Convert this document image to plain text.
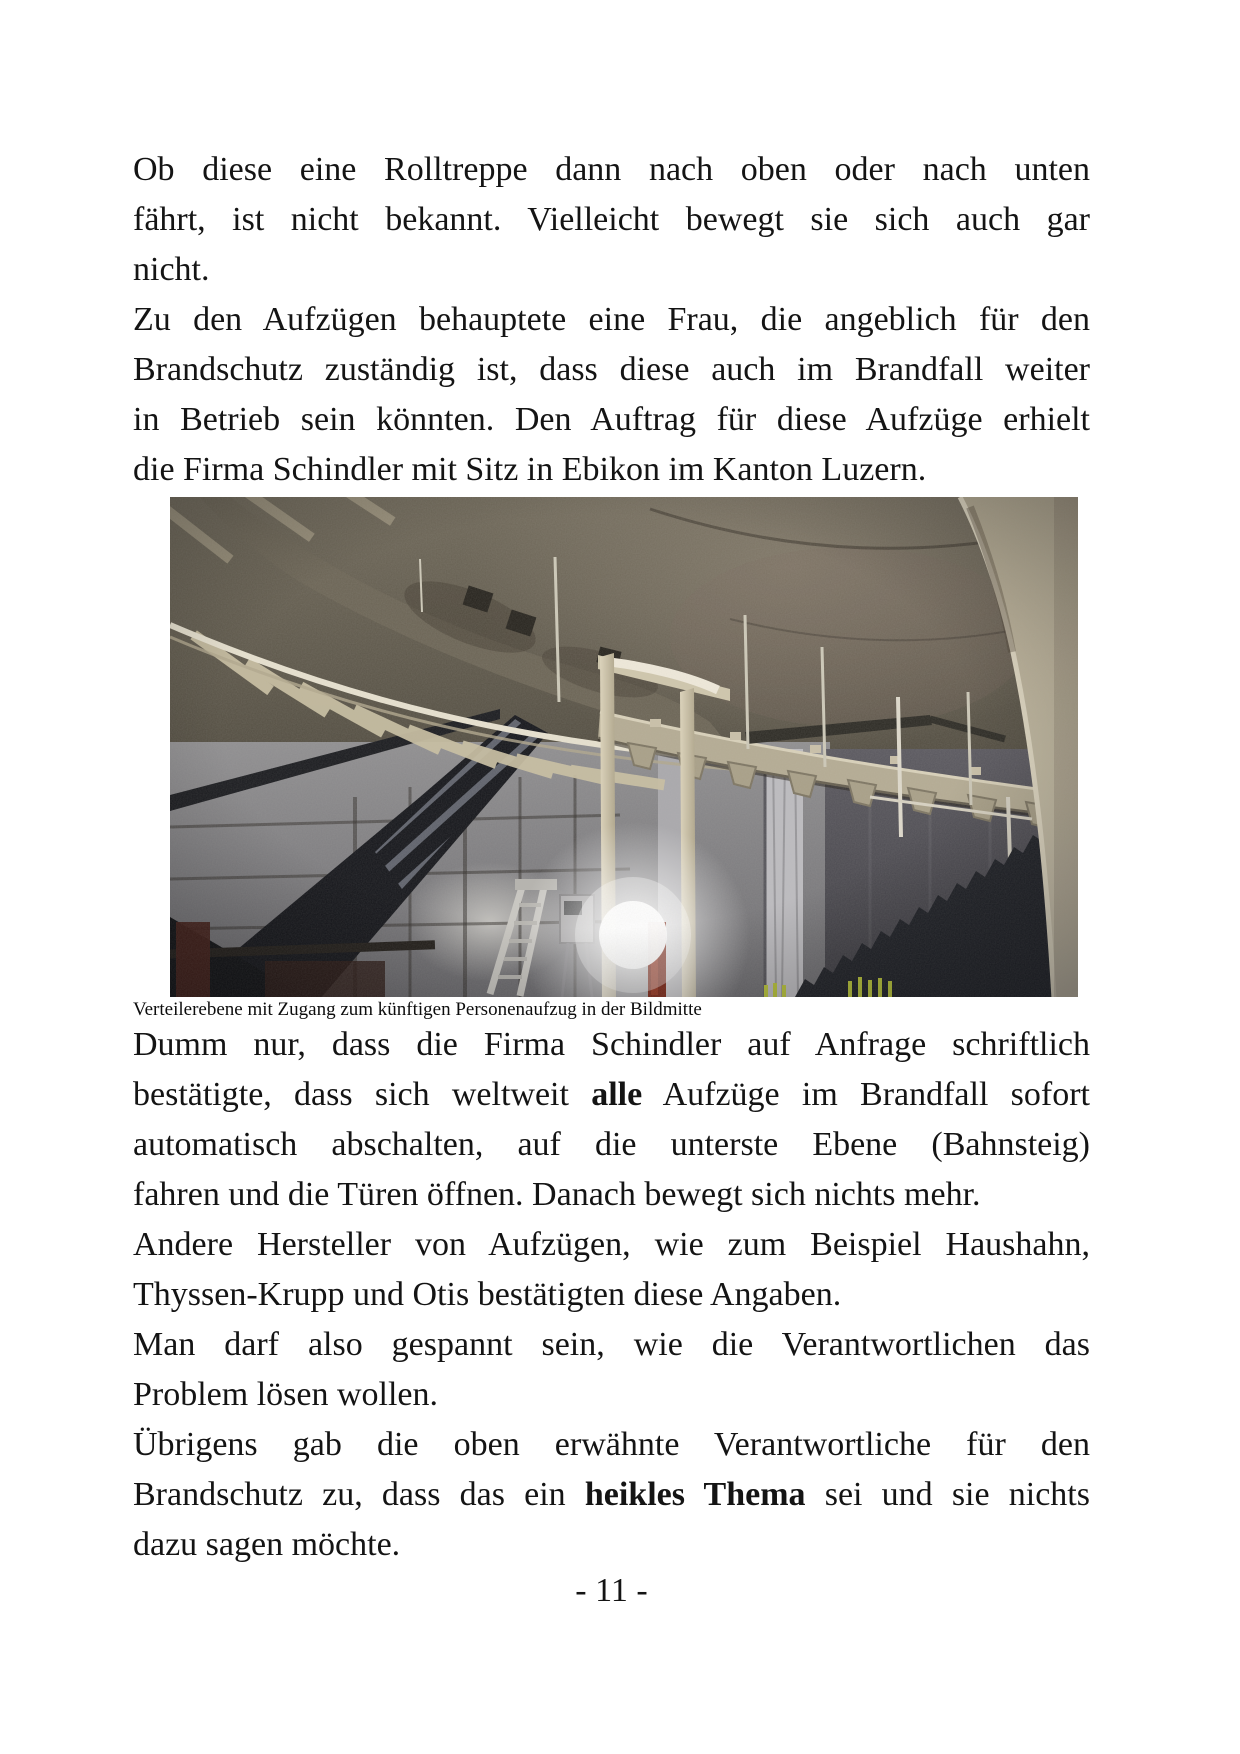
Ob diese eine Rolltreppe dann nach oben oder nach unten
fährt, ist nicht bekannt. Vielleicht bewegt sie sich auch gar
nicht.
Zu den Aufzügen behauptete eine Frau, die angeblich für den
Brandschutz zuständig ist, dass diese auch im Brandfall weiter
in Betrieb sein könnten. Den Auftrag für diese Aufzüge erhielt
die Firma Schindler mit Sitz in Ebikon im Kanton Luzern.
Verteilerebene mit Zugang zum künftigen Personenaufzug in der Bildmitte
Dumm nur, dass die Firma Schindler auf Anfrage schriftlich
bestätigte, dass sich weltweit alle Aufzüge im Brandfall sofort
automatisch abschalten, auf die unterste Ebene (Bahnsteig)
fahren und die Türen öffnen. Danach bewegt sich nichts mehr.
Andere Hersteller von Aufzügen, wie zum Beispiel Haushahn,
Thyssen-Krupp und Otis bestätigten diese Angaben.
Man darf also gespannt sein, wie die Verantwortlichen das
Problem lösen wollen.
Übrigens gab die oben erwähnte Verantwortliche für den
Brandschutz zu, dass das ein heikles Thema sei und sie nichts
dazu sagen möchte.
- 11 -
